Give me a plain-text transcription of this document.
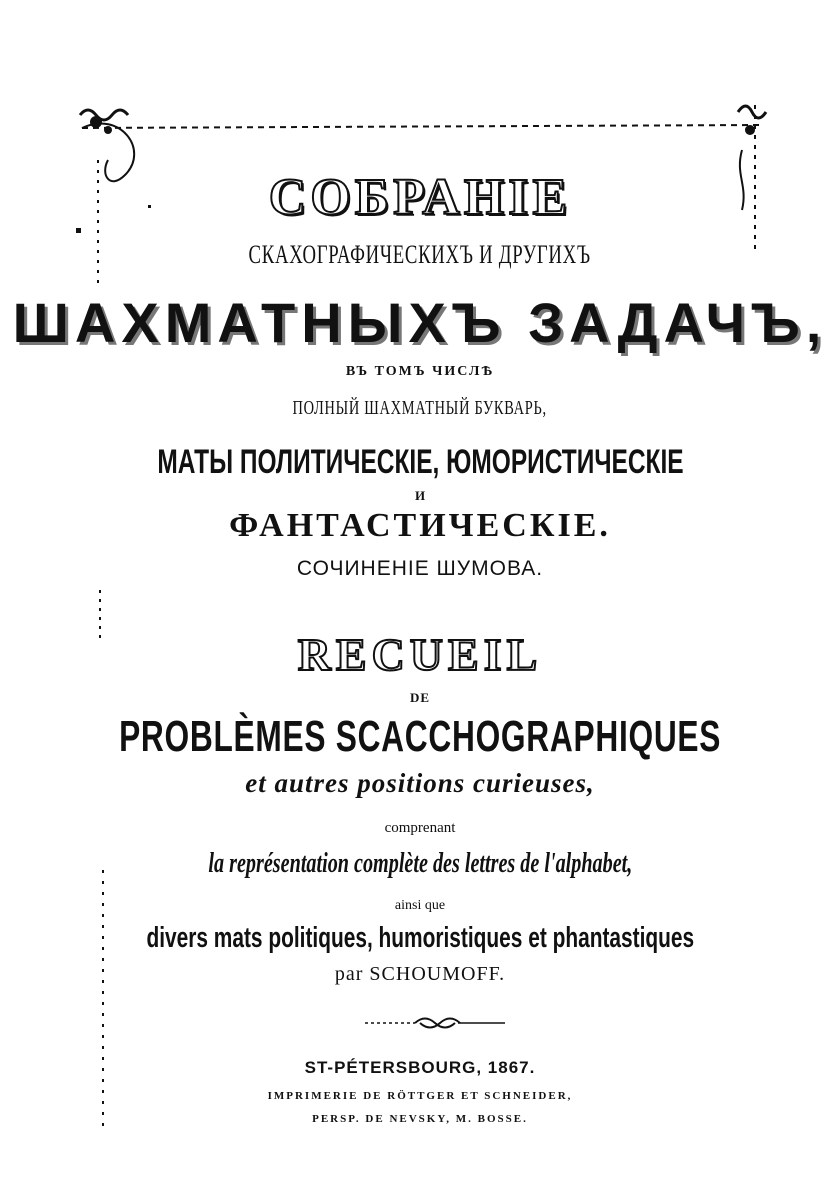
СОБРАНІЕ
СКАХОГРАФИЧЕСКИХЪ И ДРУГИХЪ
ШАХМАТНЫХЪ ЗАДАЧЪ,
ВЪ ТОМЪ ЧИСЛѢ
ПОЛНЫЙ ШАХМАТНЫЙ БУКВАРЬ,
МАТЫ ПОЛИТИЧЕСКІЕ, ЮМОРИСТИЧЕСКІЕ
И
ФАНТАСТИЧЕСКІЕ.
СОЧИНЕНІЕ ШУМОВА.
RECUEIL
DE
PROBLÈMES SCACCHOGRAPHIQUES
et autres positions curieuses,
comprenant
la représentation complète des lettres de l'alphabet,
ainsi que
divers mats politiques, humoristiques et phantastiques
par SCHOUMOFF.
ST-PÉTERSBOURG, 1867.
IMPRIMERIE DE RÖTTGER ET SCHNEIDER,
PERSP. DE NEVSKY, M. BOSSE.
